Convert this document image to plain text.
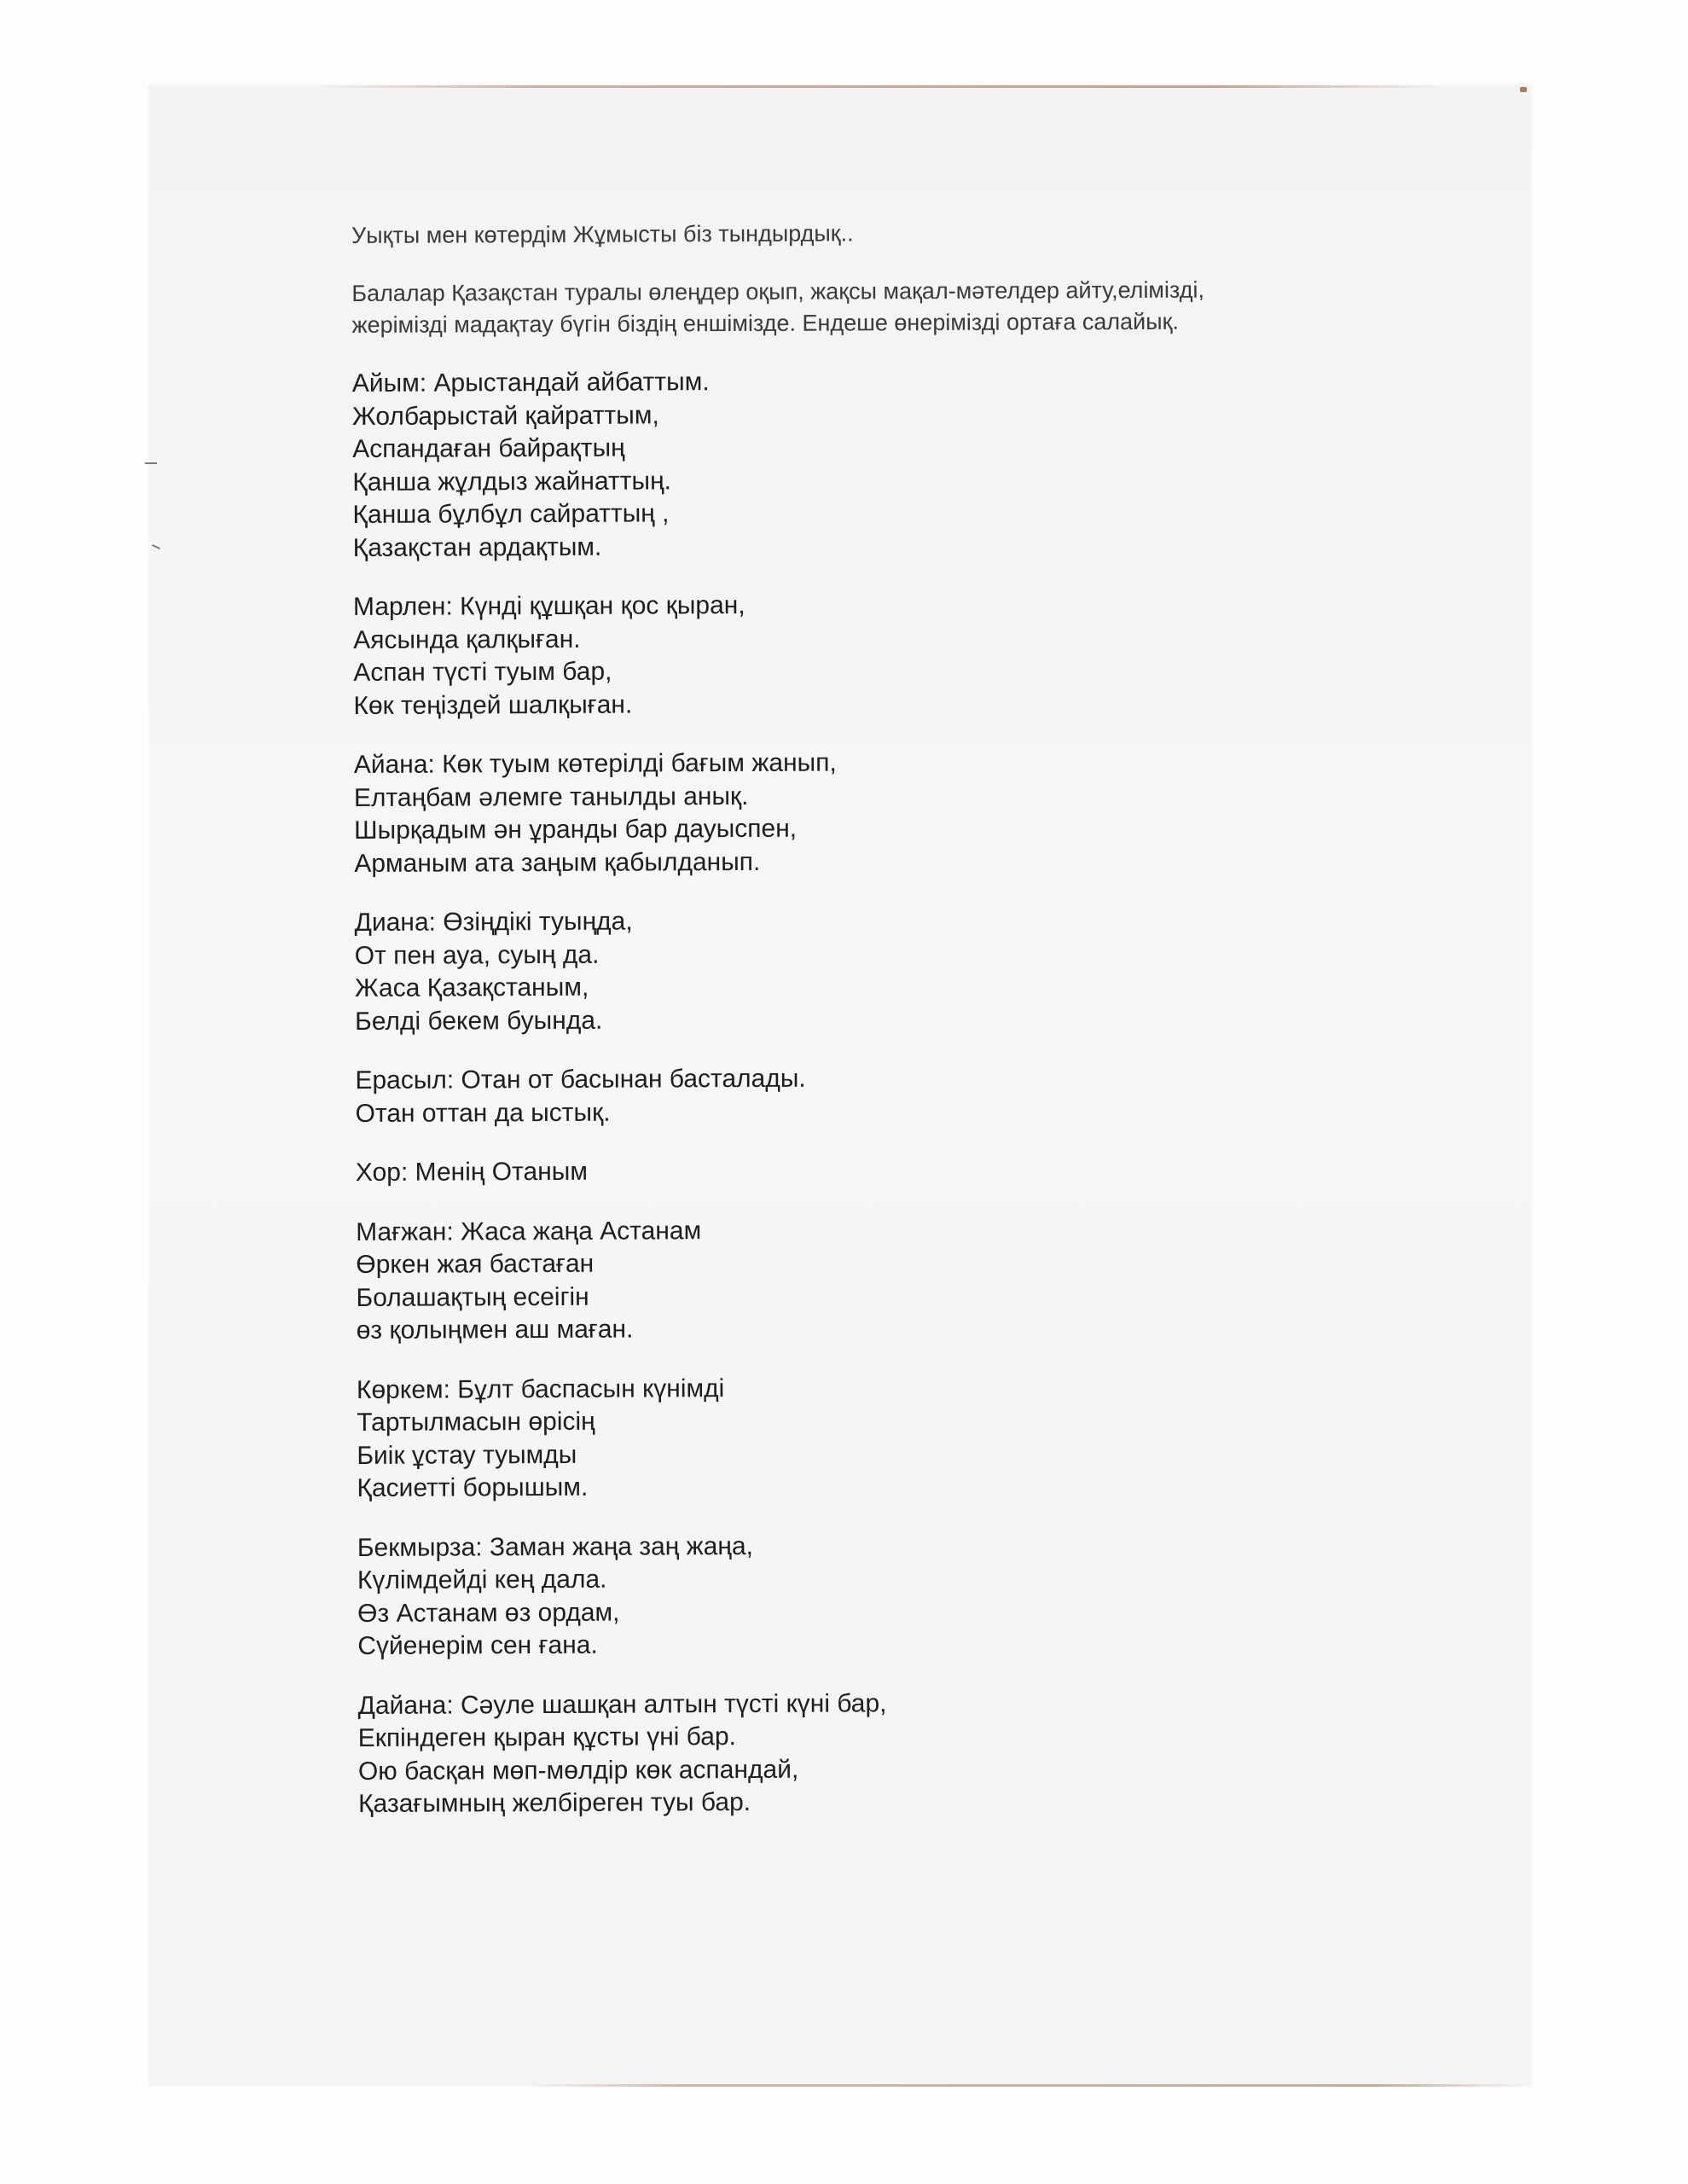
Уықты мен көтердім Жұмысты біз тындырдық..

Балалар Қазақстан туралы өлеңдер оқып, жақсы мақал-мәтелдер айту,елімізді,
жерімізді мадақтау бүгін біздің еншімізде. Ендеше өнерімізді ортаға салайық.

Айым: Арыстандай айбаттым.
Жолбарыстай қайраттым,
Аспандаған байрақтың
Қанша жұлдыз жайнаттың.
Қанша бұлбұл сайраттың ,
Қазақстан ардақтым.
Марлен: Күнді құшқан қос қыран,
Аясында қалқыған.
Аспан түсті туым бар,
Көк теңіздей шалқыған.
Айана: Көк туым көтерілді бағым жанып,
Елтаңбам әлемге танылды анық.
Шырқадым ән ұранды бар дауыспен,
Арманым ата заңым қабылданып.
Диана: Өзіңдікі туыңда,
От пен ауа, суың да.
Жаса Қазақстаным,
Белді бекем буында.
Ерасыл: Отан от басынан басталады.
Отан оттан да ыстық.
Хор: Менің Отаным
Мағжан: Жаса жаңа Астанам
Өркен жая бастаған
Болашақтың есеігін
өз қолыңмен аш маған.
Көркем: Бұлт баспасын күнімді
Тартылмасын өрісің
Биік ұстау туымды
Қасиетті борышым.
Бекмырза: Заман жаңа заң жаңа,
Күлімдейді кең дала.
Өз Астанам өз ордам,
Сүйенерім сен ғана.
Дайана: Сәуле шашқан алтын түсті күні бар,
Екпіндеген қыран құсты үні бар.
Ою басқан мөп-мөлдір көк аспандай,
Қазағымның желбіреген туы бар.
